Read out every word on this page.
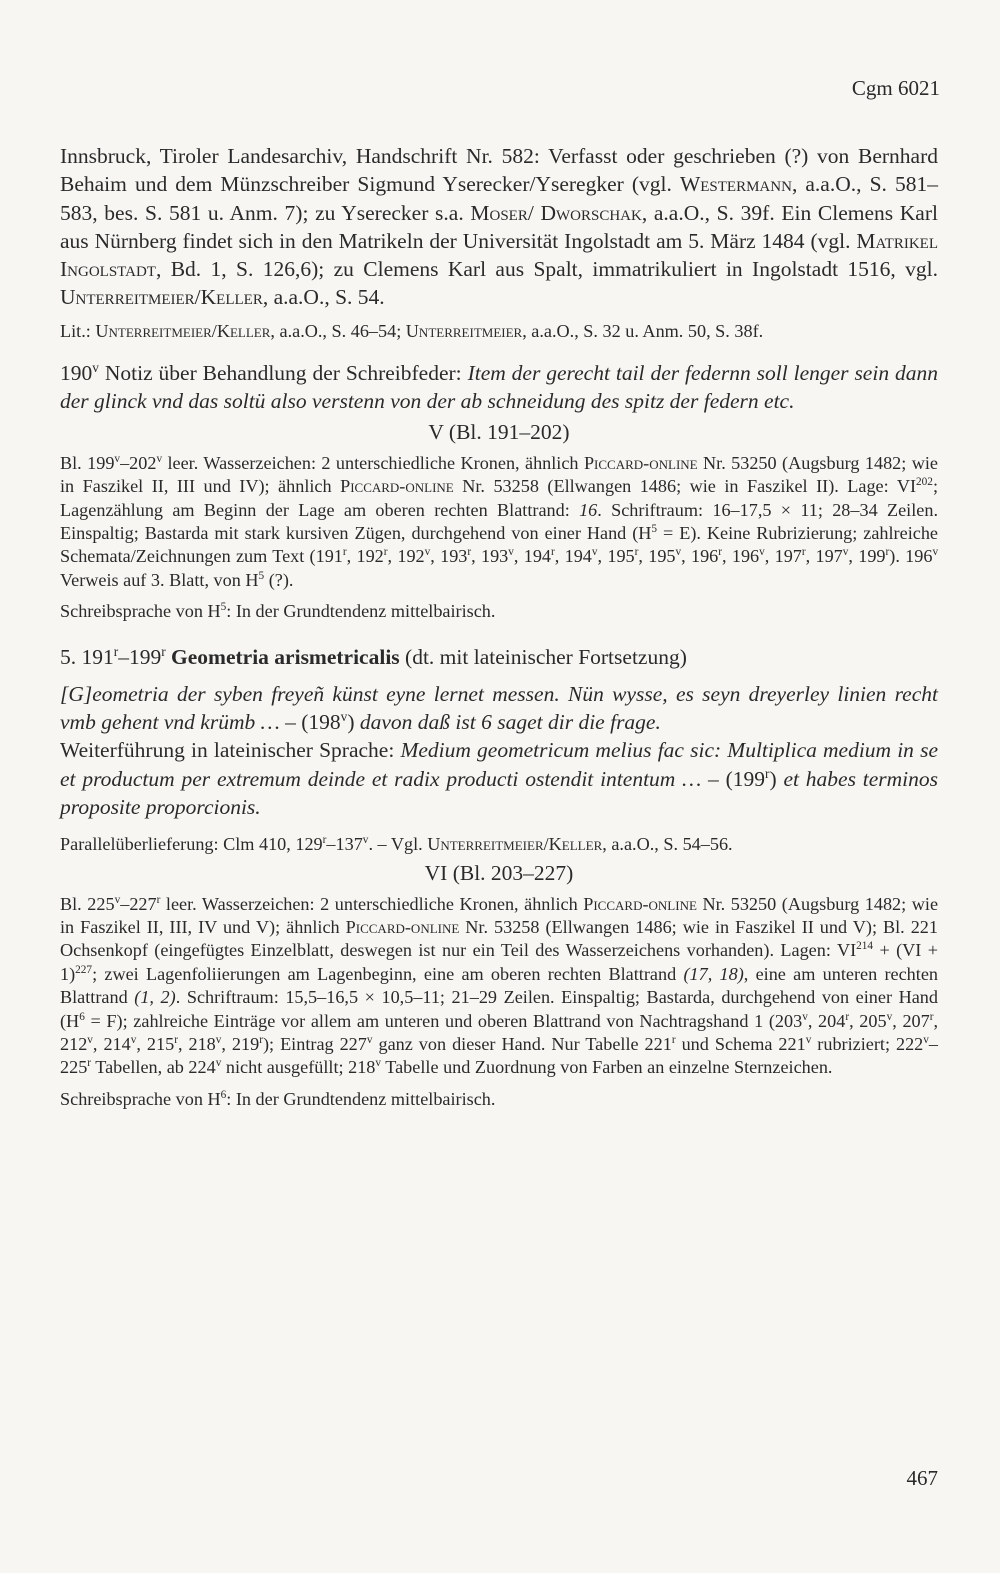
Cgm 6021

Innsbruck, Tiroler Landesarchiv, Handschrift Nr. 582: Verfasst oder geschrieben (?) von Bernhard Behaim und dem Münzschreiber Sigmund Yserecker/Yseregker (vgl. Westermann, a.a.O., S. 581–583, bes. S. 581 u. Anm. 7); zu Yserecker s.a. Moser/ Dworschak, a.a.O., S. 39f. Ein Clemens Karl aus Nürnberg findet sich in den Matrikeln der Universität Ingolstadt am 5. März 1484 (vgl. Matrikel Ingolstadt, Bd. 1, S. 126,6); zu Clemens Karl aus Spalt, immatrikuliert in Ingolstadt 1516, vgl. Unterreitmeier/Keller, a.a.O., S. 54.

Lit.: Unterreitmeier/Keller, a.a.O., S. 46–54; Unterreitmeier, a.a.O., S. 32 u. Anm. 50, S. 38f.

190$^v$ Notiz über Behandlung der Schreibfeder: Item der gerecht tail der federnn soll lenger sein dann der glinck vnd das soltü also verstenn von der ab schneidung des spitz der federn etc.

V (Bl. 191–202)

Bl. 199$^v$–202$^v$ leer. Wasserzeichen: 2 unterschiedliche Kronen, ähnlich Piccard-online Nr. 53250 (Augsburg 1482; wie in Faszikel II, III und IV); ähnlich Piccard-online Nr. 53258 (Ellwangen 1486; wie in Faszikel II). Lage: VI$^{202}$; Lagenzählung am Beginn der Lage am oberen rechten Blattrand: 16. Schriftraum: 16–17,5 × 11; 28–34 Zeilen. Einspaltig; Bastarda mit stark kursiven Zügen, durchgehend von einer Hand $(H^5 = E)$. Keine Rubrizierung; zahlreiche Schemata/Zeichnungen zum Text (191$^r$, 192$^r$, 192$^v$, 193$^r$, 193$^v$, 194$^r$, 194$^v$, 195$^r$, 195$^v$, 196$^r$, 196$^v$, 197$^r$, 197$^v$, 199$^r$). 196$^v$ Verweis auf 3. Blatt, von $H^5$ (?).

Schreibsprache von $H^5$: In der Grundtendenz mittelbairisch.

5. 191$^r$–199$^r$ Geometria arismetricalis (dt. mit lateinischer Fortsetzung)

[G]eometria der syben freyeñ künst eyne lernet messen. Nün wysse, es seyn dreyerley linien recht vmb gehent vnd krümb … – (198$^v$) davon daß ist 6 saget dir die frage.

Weiterführung in lateinischer Sprache: Medium geometricum melius fac sic: Multiplica medium in se et productum per extremum deinde et radix producti ostendit intentum … – (199$^r$) et habes terminos proposite proporcionis.

Parallelüberlieferung: Clm 410, 129$^r$–137$^v$. – Vgl. Unterreitmeier/Keller, a.a.O., S. 54–56.

VI (Bl. 203–227)

Bl. 225$^v$–227$^r$ leer. Wasserzeichen: 2 unterschiedliche Kronen, ähnlich Piccard-online Nr. 53250 (Augsburg 1482; wie in Faszikel II, III, IV und V); ähnlich Piccard-online Nr. 53258 (Ellwangen 1486; wie in Faszikel II und V); Bl. 221 Ochsenkopf (eingefügtes Einzelblatt, deswegen ist nur ein Teil des Wasserzeichens vorhanden). Lagen: $VI^{214} + (VI + 1)^{227}$; zwei Lagenfoliierungen am Lagenbeginn, eine am oberen rechten Blattrand (17, 18), eine am unteren rechten Blattrand (1, 2). Schriftraum: 15,5–16,5 × 10,5–11; 21–29 Zeilen. Einspaltig; Bastarda, durchgehend von einer Hand $(H^6 = F)$; zahlreiche Einträge vor allem am unteren und oberen Blattrand von Nachtragshand 1 (203$^v$, 204$^r$, 205$^v$, 207$^r$, 212$^v$, 214$^v$, 215$^r$, 218$^v$, 219$^r$); Eintrag 227$^v$ ganz von dieser Hand. Nur Tabelle 221$^r$ und Schema 221$^v$ rubriziert; 222$^v$–225$^r$ Tabellen, ab 224$^v$ nicht ausgefüllt; 218$^v$ Tabelle und Zuordnung von Farben an einzelne Sternzeichen.

Schreibsprache von $H^6$: In der Grundtendenz mittelbairisch.

467
